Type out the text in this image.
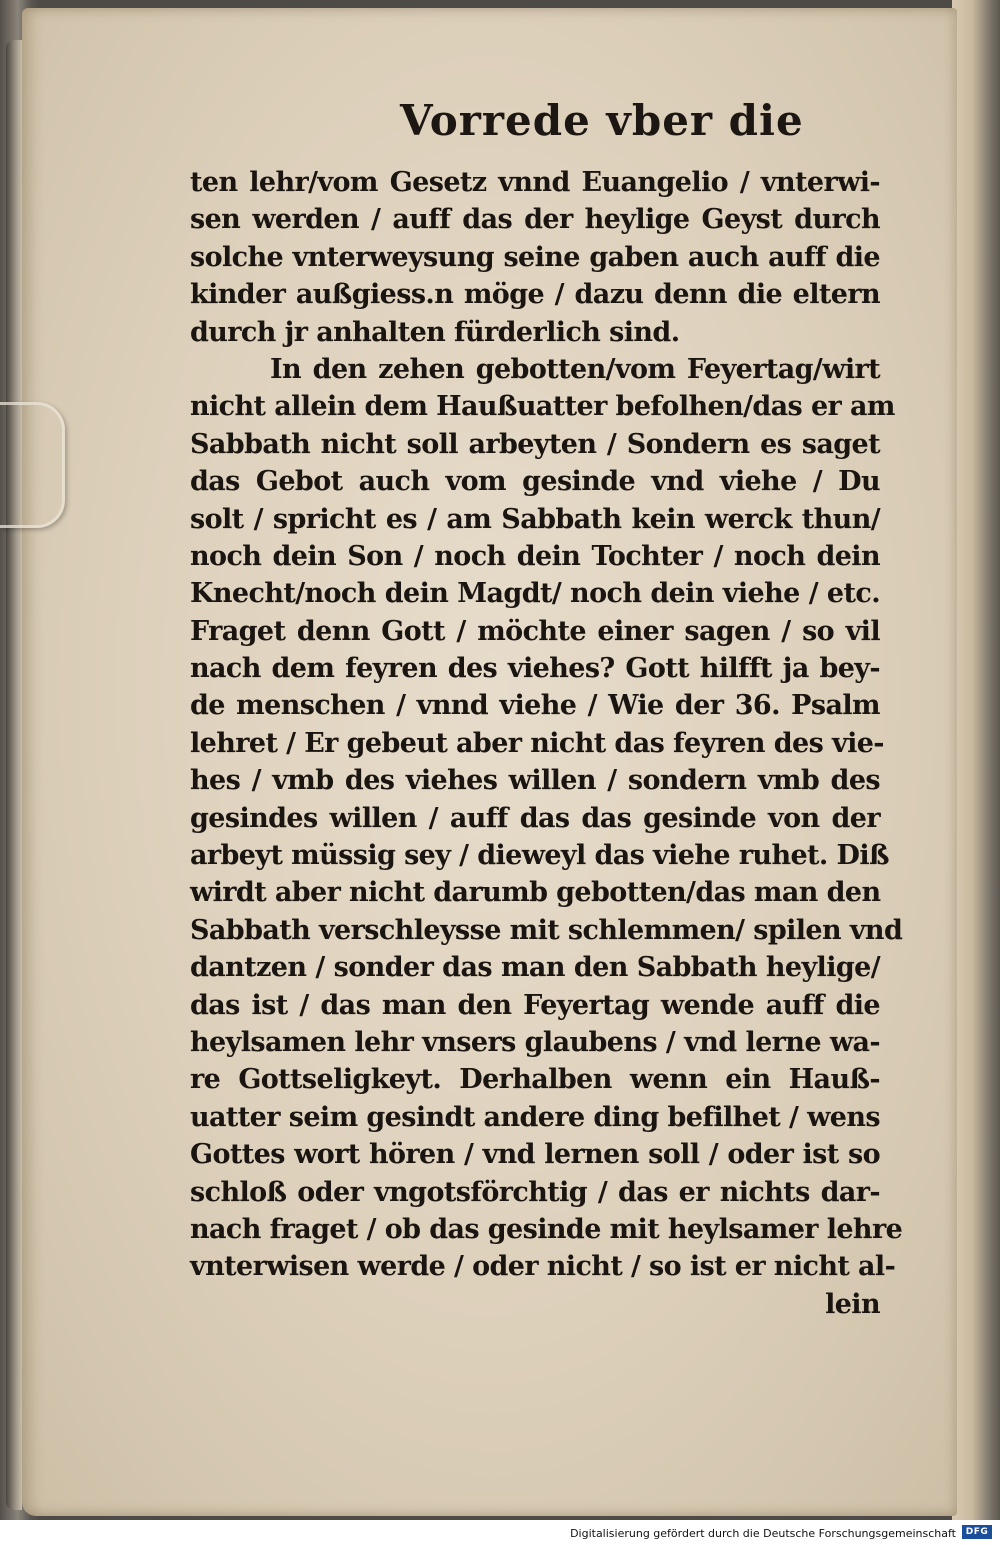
Vorrede vber die
ten lehr/vom Gesetz vnnd Euangelio / vnterwi-
sen werden / auff das der heylige Geyst durch
solche vnterweysung seine gaben auch auff die
kinder außgiess.n möge / dazu denn die eltern
durch jr anhalten fürderlich sind.
In den zehen gebotten/vom Feyertag/wirt
nicht allein dem Haußuatter befolhen/das er am
Sabbath nicht soll arbeyten / Sondern es saget
das Gebot auch vom gesinde vnd viehe / Du
solt / spricht es / am Sabbath kein werck thun/
noch dein Son / noch dein Tochter / noch dein
Knecht/noch dein Magdt/ noch dein viehe / etc.
Fraget denn Gott / möchte einer sagen / so vil
nach dem feyren des viehes? Gott hilfft ja bey-
de menschen / vnnd viehe / Wie der 36. Psalm
lehret / Er gebeut aber nicht das feyren des vie-
hes / vmb des viehes willen / sondern vmb des
gesindes willen / auff das das gesinde von der
arbeyt müssig sey / dieweyl das viehe ruhet. Diß
wirdt aber nicht darumb gebotten/das man den
Sabbath verschleysse mit schlemmen/ spilen vnd
dantzen / sonder das man den Sabbath heylige/
das ist / das man den Feyertag wende auff die
heylsamen lehr vnsers glaubens / vnd lerne wa-
re Gottseligkeyt. Derhalben wenn ein Hauß-
uatter seim gesindt andere ding befilhet / wens
Gottes wort hören / vnd lernen soll / oder ist so
schloß oder vngotsförchtig / das er nichts dar-
nach fraget / ob das gesinde mit heylsamer lehre
vnterwisen werde / oder nicht / so ist er nicht al-
lein
Digitalisierung gefördert durch die Deutsche Forschungsgemeinschaft	DFG
